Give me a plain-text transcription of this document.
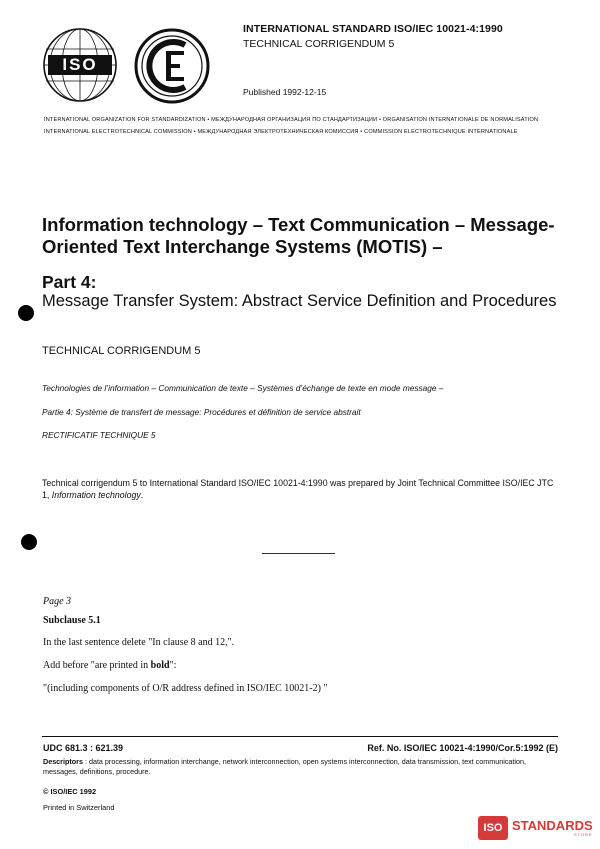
ISO
INTERNATIONAL STANDARD ISO/IEC 10021-4:1990
TECHNICAL CORRIGENDUM 5
Published 1992-12-15
INTERNATIONAL ORGANIZATION FOR STANDARDIZATION • МЕЖДУНАРОДНАЯ ОРГАНИЗАЦИЯ ПО СТАНДАРТИЗАЦИИ • ORGANISATION INTERNATIONALE DE NORMALISATION
INTERNATIONAL ELECTROTECHNICAL COMMISSION • МЕЖДУНАРОДНАЯ ЭЛЕКТРОТЕХНИЧЕСКАЯ КОМИССИЯ • COMMISSION ELECTROTECHNIQUE INTERNATIONALE
Information technology – Text Communication – Message-Oriented Text Interchange Systems (MOTIS) –
Part 4:
Message Transfer System: Abstract Service Definition and Procedures
TECHNICAL CORRIGENDUM 5
Technologies de l’information – Communication de texte – Systèmes d’échange de texte en mode message –
Partie 4: Système de transfert de message: Procédures et définition de service abstrait
RECTIFICATIF TECHNIQUE 5
Technical corrigendum 5 to International Standard ISO/IEC 10021-4:1990 was prepared by Joint Technical Committee ISO/IEC JTC 1, Information technology.
Page 3
Subclause 5.1
In the last sentence delete "In clause 8 and 12,".
Add before "are printed in bold":
"(including components of O/R address defined in ISO/IEC 10021-2) "
UDC 681.3 : 621.39	Ref. No. ISO/IEC 10021-4:1990/Cor.5:1992 (E)
Descriptors : data processing, information interchange, network interconnection, open systems interconnection, data transmission, text communication, messages, definitions, procedure.
© ISO/IEC 1992
Printed in Switzerland
ISO STANDARDS
STORE
